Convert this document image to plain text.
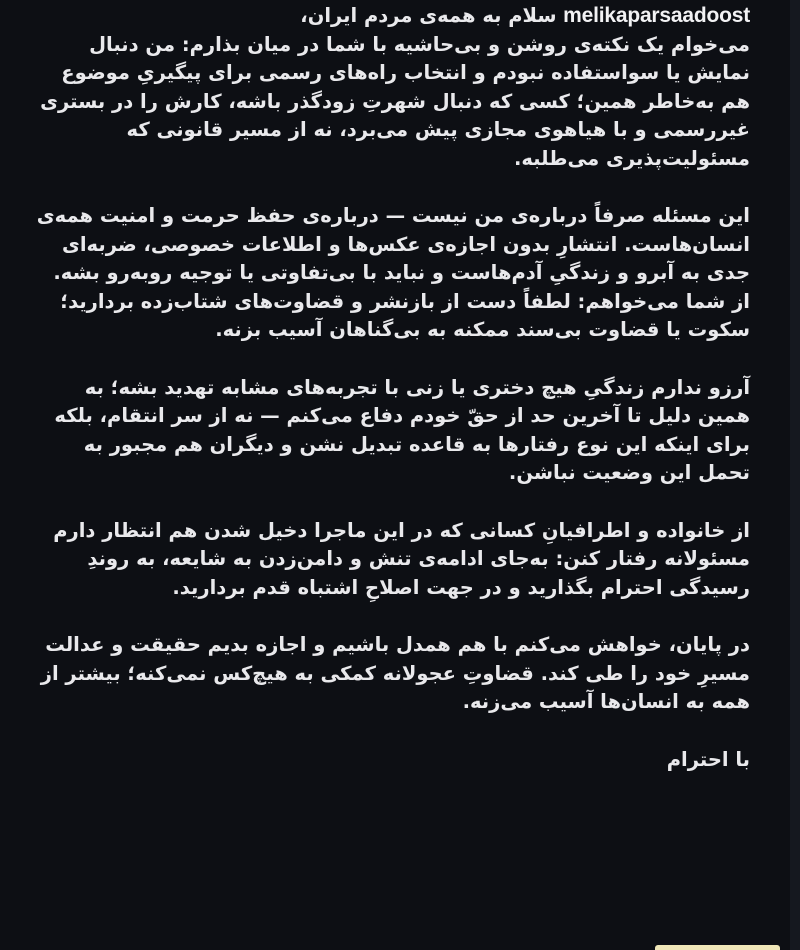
melikaparsaadoost سلام به همه‌ی مردم ایران،
می‌خوام یک نکته‌ی روشن و بی‌حاشیه با شما در میان بذارم: من دنبال
نمایش یا سواستفاده نبودم و انتخاب راه‌های رسمی برای پیگیریِ موضوع
هم به‌خاطر همین؛ کسی که دنبال شهرتِ زودگذر باشه، کارش را در بستری
غیررسمی و با هیاهوی مجازی پیش می‌برد، نه از مسیر قانونی که
مسئولیت‌پذیری می‌طلبه.

این مسئله صرفاً درباره‌ی من نیست — درباره‌ی حفظ حرمت و امنیت همه‌ی
انسان‌هاست. انتشارِ بدون اجازه‌ی عکس‌ها و اطلاعات خصوصی، ضربه‌ای
جدی به آبرو و زندگیِ آدم‌هاست و نباید با بی‌تفاوتی یا توجیه روبه‌رو بشه.
از شما می‌خواهم: لطفاً دست از بازنشر و قضاوت‌های شتاب‌زده بردارید؛
سکوت یا قضاوت بی‌سند ممکنه به بی‌گناهان آسیب بزنه.

آرزو ندارم زندگیِ هیچ دختری یا زنی با تجربه‌های مشابه تهدید بشه؛ به
همین دلیل تا آخرین حد از حقّ خودم دفاع می‌کنم — نه از سر انتقام، بلکه
برای اینکه این نوع رفتارها به قاعده تبدیل نشن و دیگران هم مجبور به
تحمل این وضعیت نباشن.

از خانواده و اطرافیانِ کسانی که در این ماجرا دخیل شدن هم انتظار دارم
مسئولانه رفتار کنن: به‌جای ادامه‌ی تنش و دامن‌زدن به شایعه، به روندِ
رسیدگی احترام بگذارید و در جهت اصلاحِ اشتباه قدم بردارید.

در پایان، خواهش می‌کنم با هم همدل باشیم و اجازه بدیم حقیقت و عدالت
مسیرِ خود را طی کند. قضاوتِ عجولانه کمکی به هیچ‌کس نمی‌کنه؛ بیشتر از
همه به انسان‌ها آسیب می‌زنه.

با احترام
